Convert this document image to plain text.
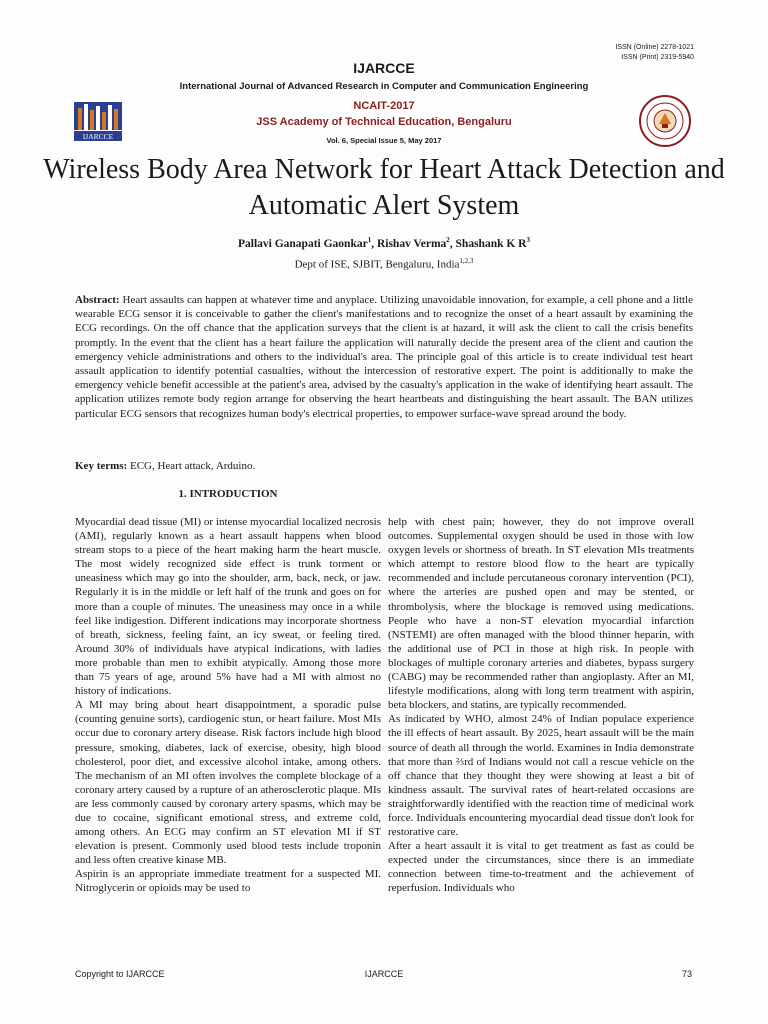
ISSN (Online) 2278-1021
ISSN (Print) 2319-5940
IJARCCE
International Journal of Advanced Research in Computer and Communication Engineering
NCAIT-2017
JSS Academy of Technical Education, Bengaluru
Vol. 6, Special Issue 5, May 2017
IJARCCE
Wireless Body Area Network for Heart Attack Detection and Automatic Alert System
Pallavi Ganapati Gaonkar$^1$, Rishav Verma$^2$, Shashank K $R^3$
Dept of ISE, SJBIT, Bengaluru, India$^{1,2,3}$
Abstract: Heart assaults can happen at whatever time and anyplace. Utilizing unavoidable innovation, for example, a cell phone and a little wearable ECG sensor it is conceivable to gather the client's manifestations and to recognize the onset of a heart assault by examining the ECG recordings. On the off chance that the application surveys that the client is at hazard, it will ask the client to call the crisis benefits promptly. In the event that the client has a heart failure the application will naturally decide the present area of the client and caution the emergency vehicle administrations and others to the individual's area. The principle goal of this article is to create individual test heart assault application to identify potential casualties, without the intercession of restorative expert. The point is additionally to make the emergency vehicle benefit accessible at the patient's area, advised by the casualty's application in the wake of identifying heart assault. The application utilizes remote body region arrange for observing the heart heartbeats and distinguishing the heart assault. The BAN utilizes particular ECG sensors that recognizes human body's electrical properties, to empower surface-wave spread around the body.
Key terms: ECG, Heart attack, Arduino.
1. INTRODUCTION

Myocardial dead tissue (MI) or intense myocardial localized necrosis (AMI), regularly known as a heart assault happens when blood stream stops to a piece of the heart making harm the heart muscle. The most widely recognized side effect is trunk torment or uneasiness which may go into the shoulder, arm, back, neck, or jaw. Regularly it is in the middle or left half of the trunk and goes on for more than a couple of minutes. The uneasiness may once in a while feel like indigestion. Different indications may incorporate shortness of breath, sickness, feeling faint, an icy sweat, or feeling tired. Around 30% of individuals have atypical indications, with ladies more probable than men to exhibit atypically. Among those more than 75 years of age, around 5% have had a MI with almost no history of indications.

A MI may bring about heart disappointment, a sporadic pulse (counting genuine sorts), cardiogenic stun, or heart failure. Most MIs occur due to coronary artery disease. Risk factors include high blood pressure, smoking, diabetes, lack of exercise, obesity, high blood cholesterol, poor diet, and excessive alcohol intake, among others. The mechanism of an MI often involves the complete blockage of a coronary artery caused by a rupture of an atherosclerotic plaque. MIs are less commonly caused by coronary artery spasms, which may be due to cocaine, significant emotional stress, and extreme cold, among others. An ECG may confirm an ST elevation MI if ST elevation is present. Commonly used blood tests include troponin and less often creative kinase MB.

Aspirin is an appropriate immediate treatment for a suspected MI. Nitroglycerin or opioids may be used to

help with chest pain; however, they do not improve overall outcomes. Supplemental oxygen should be used in those with low oxygen levels or shortness of breath. In ST elevation MIs treatments which attempt to restore blood flow to the heart are typically recommended and include percutaneous coronary intervention (PCI), where the arteries are pushed open and may be stented, or thrombolysis, where the blockage is removed using medications. People who have a non-ST elevation myocardial infarction (NSTEMI) are often managed with the blood thinner heparin, with the additional use of PCI in those at high risk. In people with blockages of multiple coronary arteries and diabetes, bypass surgery (CABG) may be recommended rather than angioplasty. After an MI, lifestyle modifications, along with long term treatment with aspirin, beta blockers, and statins, are typically recommended.

As indicated by WHO, almost 24% of Indian populace experience the ill effects of heart assault. By 2025, heart assault will be the main source of death all through the world. Examines in India demonstrate that more than ⅔rd of Indians would not call a rescue vehicle on the off chance that they thought they were showing at least a bit of kindness assault. The survival rates of heart-related occasions are straightforwardly identified with the reaction time of medicinal work force. Individuals encountering myocardial dead tissue don't look for restorative care.

After a heart assault it is vital to get treatment as fast as could be expected under the circumstances, since there is an immediate connection between time-to-treatment and the achievement of reperfusion. Individuals who

Copyright to IJARCCE	IJARCCE	73
